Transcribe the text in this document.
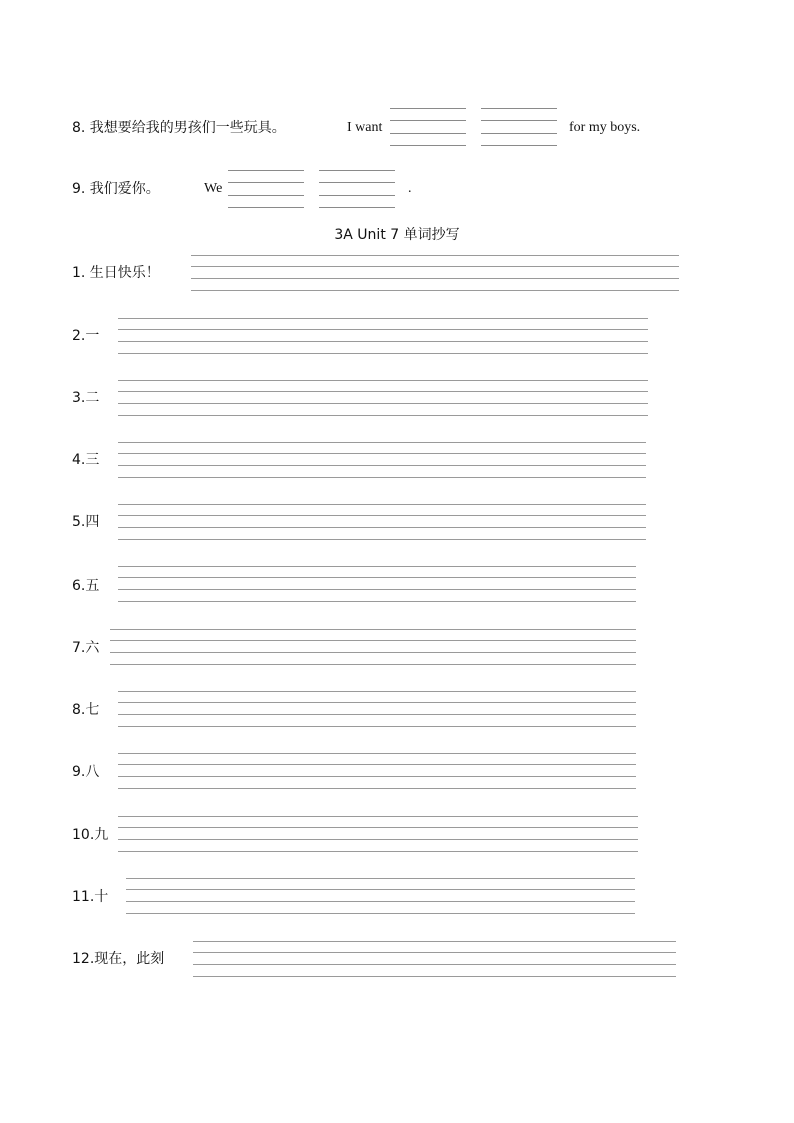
8. 我想要给我的男孩们一些玩具。	I want	for my boys.
9. 我们爱你。	We	.
3A Unit 7 单词抄写
1. 生日快乐！
2.一
3.二
4.三
5.四
6.五
7.六
8.七
9.八
10.九
11.十
12.现在，此刻
